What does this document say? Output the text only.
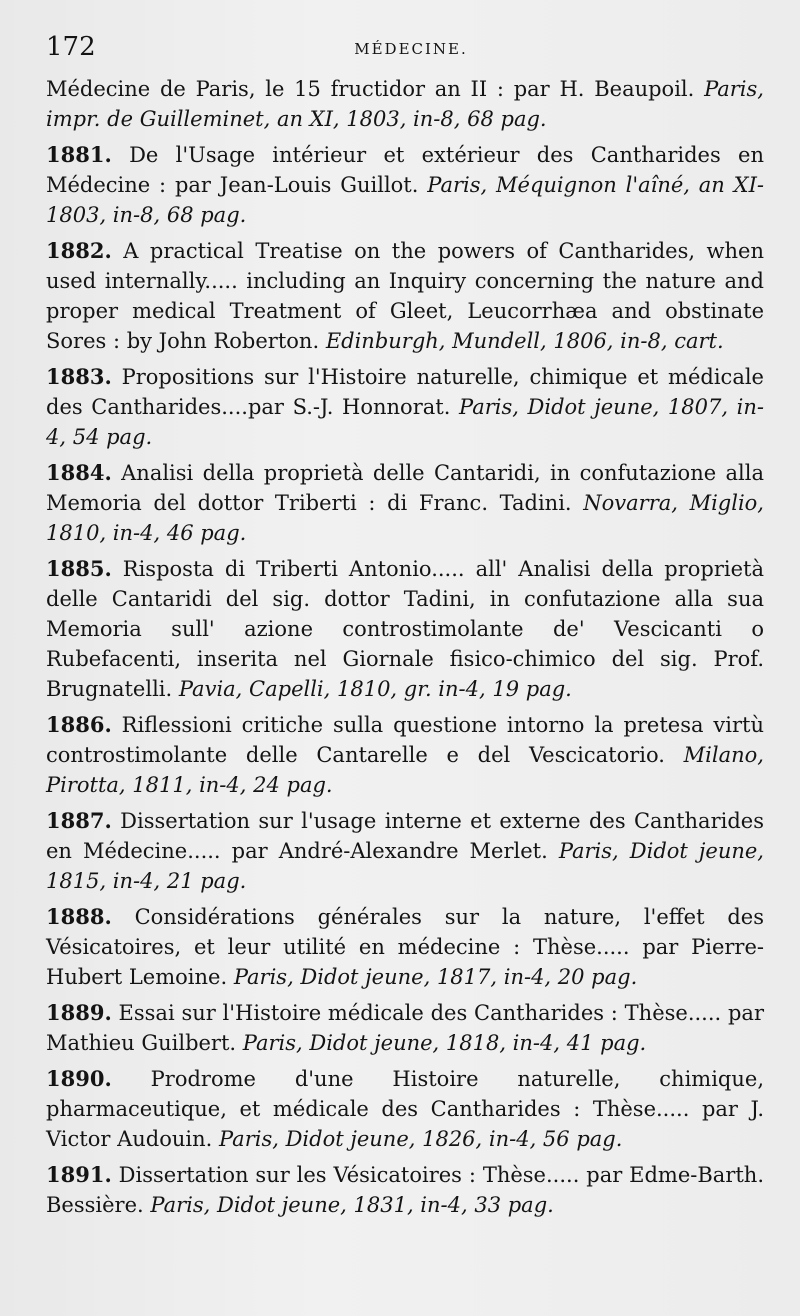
172	MÉDECINE.

Médecine de Paris, le 15 fructidor an II : par H. Beaupoil. Paris, impr. de Guilleminet, an XI, 1803, in-8, 68 pag.

1881. De l'Usage intérieur et extérieur des Cantharides en Médecine : par Jean-Louis Guillot. Paris, Méquignon l'aîné, an XI-1803, in-8, 68 pag.

1882. A practical Treatise on the powers of Cantharides, when used internally..... including an Inquiry concerning the nature and proper medical Treatment of Gleet, Leucorrhæa and obstinate Sores : by John Roberton. Edinburgh, Mundell, 1806, in-8, cart.

1883. Propositions sur l'Histoire naturelle, chimique et médicale des Cantharides....par S.-J. Honnorat. Paris, Didot jeune, 1807, in-4, 54 pag.

1884. Analisi della proprietà delle Cantaridi, in confutazione alla Memoria del dottor Triberti : di Franc. Tadini. Novarra, Miglio, 1810, in-4, 46 pag.

1885. Risposta di Triberti Antonio..... all' Analisi della proprietà delle Cantaridi del sig. dottor Tadini, in confutazione alla sua Memoria sull' azione controstimolante de' Vescicanti o Rubefacenti, inserita nel Giornale fisico-chimico del sig. Prof. Brugnatelli. Pavia, Capelli, 1810, gr. in-4, 19 pag.

1886. Riflessioni critiche sulla questione intorno la pretesa virtù controstimolante delle Cantarelle e del Vescicatorio. Milano, Pirotta, 1811, in-4, 24 pag.

1887. Dissertation sur l'usage interne et externe des Cantharides en Médecine..... par André-Alexandre Merlet. Paris, Didot jeune, 1815, in-4, 21 pag.

1888. Considérations générales sur la nature, l'effet des Vésicatoires, et leur utilité en médecine : Thèse..... par Pierre-Hubert Lemoine. Paris, Didot jeune, 1817, in-4, 20 pag.

1889. Essai sur l'Histoire médicale des Cantharides : Thèse..... par Mathieu Guilbert. Paris, Didot jeune, 1818, in-4, 41 pag.

1890. Prodrome d'une Histoire naturelle, chimique, pharmaceutique, et médicale des Cantharides : Thèse..... par J. Victor Audouin. Paris, Didot jeune, 1826, in-4, 56 pag.

1891. Dissertation sur les Vésicatoires : Thèse..... par Edme-Barth. Bessière. Paris, Didot jeune, 1831, in-4, 33 pag.
